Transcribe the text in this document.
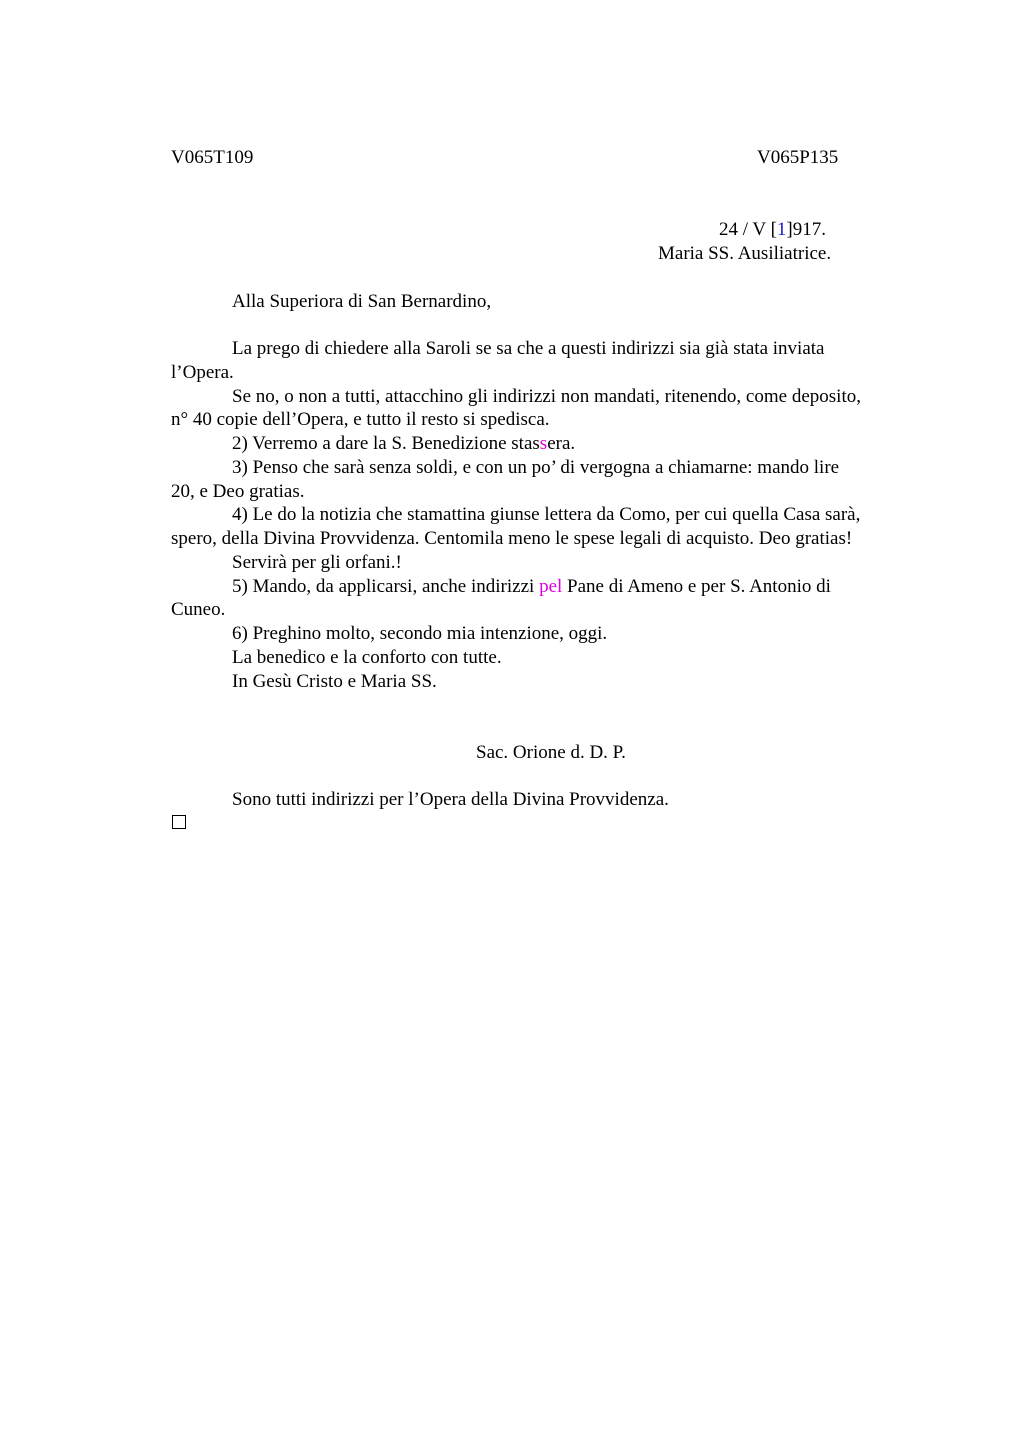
V065T109	V065P135
24 / V [1]917.
Maria SS. Ausiliatrice.
Alla Superiora di San Bernardino,
La prego di chiedere alla Saroli se sa che a questi indirizzi sia già stata inviata
l’Opera.
Se no, o non a tutti, attacchino gli indirizzi non mandati, ritenendo, come deposito,
n° 40 copie dell’Opera, e tutto il resto si spedisca.
2) Verremo a dare la S. Benedizione stassera.
3) Penso che sarà senza soldi, e con un po’ di vergogna a chiamarne: mando lire
20, e Deo gratias.
4) Le do la notizia che stamattina giunse lettera da Como, per cui quella Casa sarà,
spero, della Divina Provvidenza. Centomila meno le spese legali di acquisto. Deo gratias!
Servirà per gli orfani.!
5) Mando, da applicarsi, anche indirizzi pel Pane di Ameno e per S. Antonio di
Cuneo.
6) Preghino molto, secondo mia intenzione, oggi.
La benedico e la conforto con tutte.
In Gesù Cristo e Maria SS.
Sac. Orione d. D. P.
Sono tutti indirizzi per l’Opera della Divina Provvidenza.
